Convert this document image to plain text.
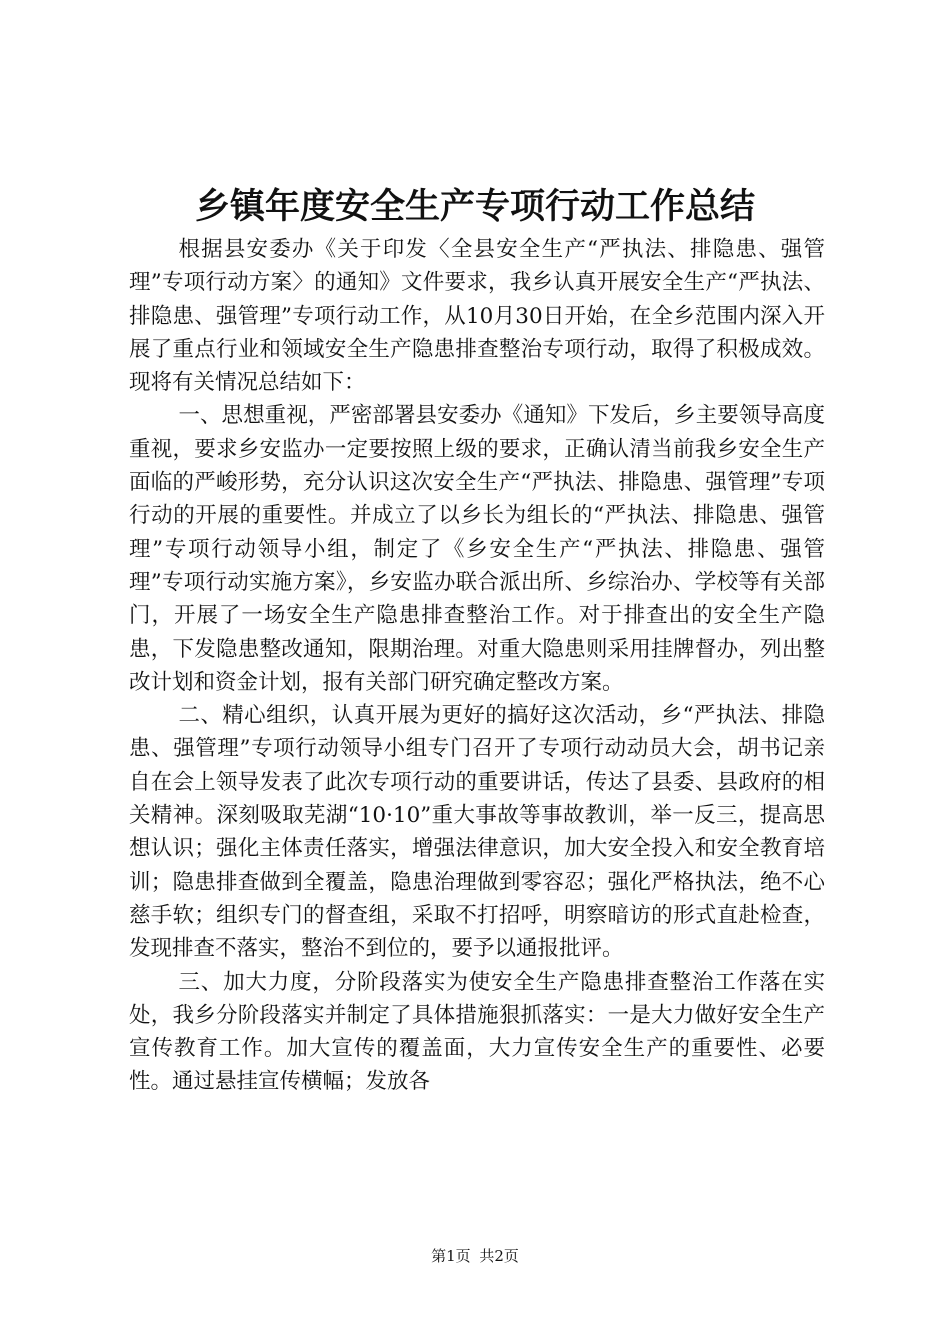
乡镇年度安全生产专项行动工作总结

根据县安委办《关于印发〈全县安全生产“严执法、排隐患、强管理”专项行动方案〉的通知》文件要求，我乡认真开展安全生产“严执法、排隐患、强管理”专项行动工作，从10月30日开始，在全乡范围内深入开展了重点行业和领域安全生产隐患排查整治专项行动，取得了积极成效。现将有关情况总结如下：

一、思想重视，严密部署县安委办《通知》下发后，乡主要领导高度重视，要求乡安监办一定要按照上级的要求，正确认清当前我乡安全生产面临的严峻形势，充分认识这次安全生产“严执法、排隐患、强管理”专项行动的开展的重要性。并成立了以乡长为组长的“严执法、排隐患、强管理”专项行动领导小组，制定了《乡安全生产“严执法、排隐患、强管理”专项行动实施方案》，乡安监办联合派出所、乡综治办、学校等有关部门，开展了一场安全生产隐患排查整治工作。对于排查出的安全生产隐患，下发隐患整改通知，限期治理。对重大隐患则采用挂牌督办，列出整改计划和资金计划，报有关部门研究确定整改方案。

二、精心组织，认真开展为更好的搞好这次活动，乡“严执法、排隐患、强管理”专项行动领导小组专门召开了专项行动动员大会，胡书记亲自在会上领导发表了此次专项行动的重要讲话，传达了县委、县政府的相关精神。深刻吸取芜湖“10·10”重大事故等事故教训，举一反三，提高思想认识；强化主体责任落实，增强法律意识，加大安全投入和安全教育培训；隐患排查做到全覆盖，隐患治理做到零容忍；强化严格执法，绝不心慈手软；组织专门的督查组，采取不打招呼，明察暗访的形式直赴检查，发现排查不落实，整治不到位的，要予以通报批评。

三、加大力度，分阶段落实为使安全生产隐患排查整治工作落在实处，我乡分阶段落实并制定了具体措施狠抓落实：一是大力做好安全生产宣传教育工作。加大宣传的覆盖面，大力宣传安全生产的重要性、必要性。通过悬挂宣传横幅；发放各

第1页 共2页
